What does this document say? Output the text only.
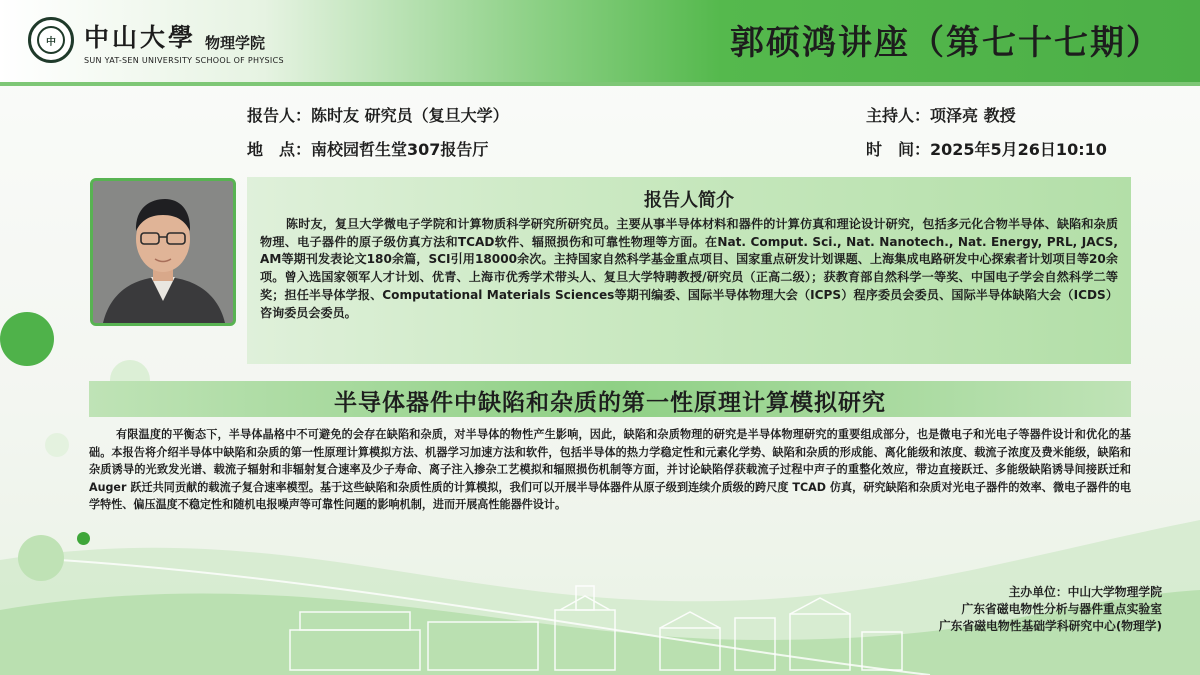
中	中山大學 物理学院
SUN YAT-SEN UNIVERSITY SCHOOL OF PHYSICS	郭硕鸿讲座（第七十七期）
报告人：陈时友 研究员（复旦大学）	主持人：项泽亮 教授
地　点：南校园哲生堂307报告厅	时　间：2025年5月26日10:10
报告人简介
陈时友，复旦大学微电子学院和计算物质科学研究所研究员。主要从事半导体材料和器件的计算仿真和理论设计研究，包括多元化合物半导体、缺陷和杂质物理、电子器件的原子级仿真方法和TCAD软件、辐照损伤和可靠性物理等方面。在Nat. Comput. Sci., Nat. Nanotech., Nat. Energy, PRL, JACS, AM等期刊发表论文180余篇，SCI引用18000余次。主持国家自然科学基金重点项目、国家重点研发计划课题、上海集成电路研发中心探索者计划项目等20余项。曾入选国家领军人才计划、优青、上海市优秀学术带头人、复旦大学特聘教授/研究员（正高二级）；获教育部自然科学一等奖、中国电子学会自然科学二等奖；担任半导体学报、Computational Materials Sciences等期刊编委、国际半导体物理大会（ICPS）程序委员会委员、国际半导体缺陷大会（ICDS）咨询委员会委员。
半导体器件中缺陷和杂质的第一性原理计算模拟研究
有限温度的平衡态下，半导体晶格中不可避免的会存在缺陷和杂质，对半导体的物性产生影响，因此，缺陷和杂质物理的研究是半导体物理研究的重要组成部分，也是微电子和光电子等器件设计和优化的基础。本报告将介绍半导体中缺陷和杂质的第一性原理计算模拟方法、机器学习加速方法和软件，包括半导体的热力学稳定性和元素化学势、缺陷和杂质的形成能、离化能级和浓度、载流子浓度及费米能级，缺陷和杂质诱导的光致发光谱、载流子辐射和非辐射复合速率及少子寿命、离子注入掺杂工艺模拟和辐照损伤机制等方面，并讨论缺陷俘获载流子过程中声子的重整化效应，带边直接跃迁、多能级缺陷诱导间接跃迁和 Auger 跃迁共同贡献的载流子复合速率模型。基于这些缺陷和杂质性质的计算模拟，我们可以开展半导体器件从原子级到连续介质级的跨尺度 TCAD 仿真，研究缺陷和杂质对光电子器件的效率、微电子器件的电学特性、偏压温度不稳定性和随机电报噪声等可靠性问题的影响机制，进而开展高性能器件设计。
主办单位：中山大学物理学院
广东省磁电物性分析与器件重点实验室
广东省磁电物性基础学科研究中心(物理学)
